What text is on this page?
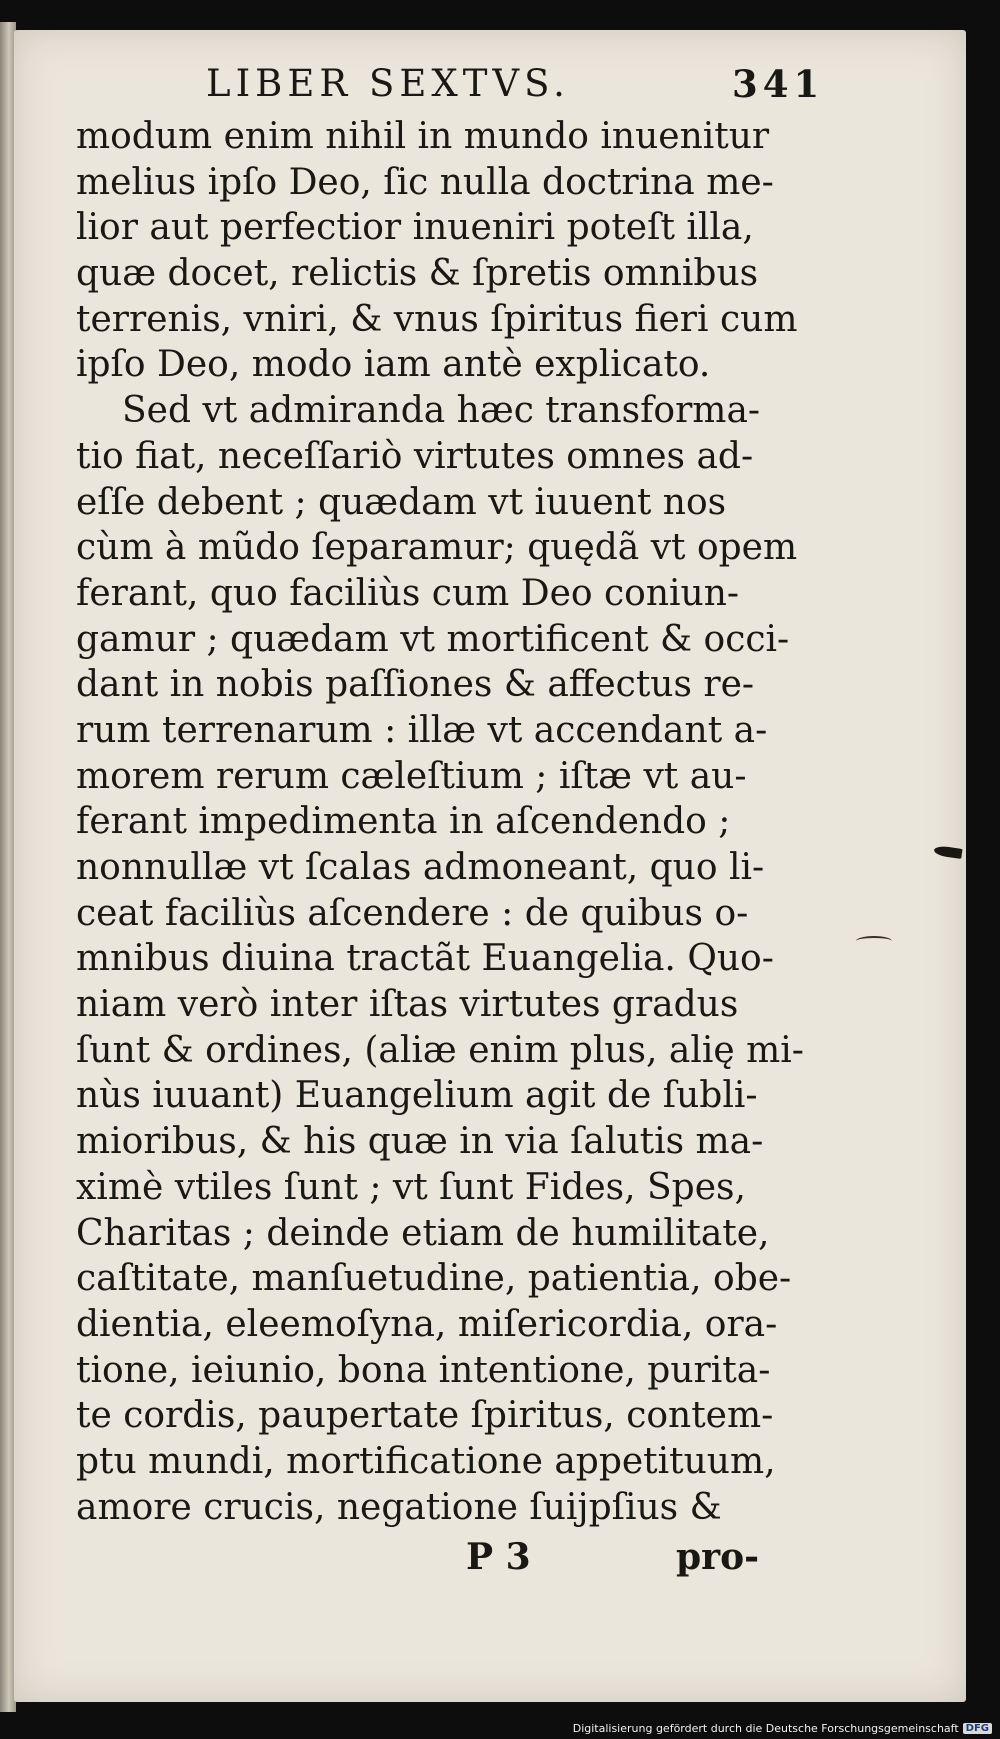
LIBER SEXTVS.	341
modum enim nihil in mundo inuenitur
melius ipſo Deo, ſic nulla doctrina me-
lior aut perfectior inueniri poteſt illa,
quæ docet, relictis & ſpretis omnibus
terrenis, vniri, & vnus ſpiritus fieri cum
ipſo Deo, modo iam antè explicato.
Sed vt admiranda hæc transforma-
tio fiat, neceſſariò virtutes omnes ad-
eſſe debent ; quædam vt iuuent nos
cùm à mũdo ſeparamur; quędã vt opem
ferant, quo faciliùs cum Deo coniun-
gamur ; quædam vt mortificent & occi-
dant in nobis paſſiones & affectus re-
rum terrenarum : illæ vt accendant a-
morem rerum cæleſtium ; iſtæ vt au-
ferant impedimenta in aſcendendo ;
nonnullæ vt ſcalas admoneant, quo li-
ceat faciliùs aſcendere : de quibus o-
mnibus diuina tractãt Euangelia. Quo-
niam verò inter iſtas virtutes gradus
ſunt & ordines, (aliæ enim plus, alię mi-
nùs iuuant) Euangelium agit de ſubli-
mioribus, & his quæ in via ſalutis ma-
ximè vtiles ſunt ; vt ſunt Fides, Spes,
Charitas ; deinde etiam de humilitate,
caſtitate, manſuetudine, patientia, obe-
dientia, eleemoſyna, miſericordia, ora-
tione, ieiunio, bona intentione, purita-
te cordis, paupertate ſpiritus, contem-
ptu mundi, mortificatione appetituum,
amore crucis, negatione ſuijpſius &
P 3	pro-
Digitalisierung gefördert durch die Deutsche Forschungsgemeinschaft DFG
